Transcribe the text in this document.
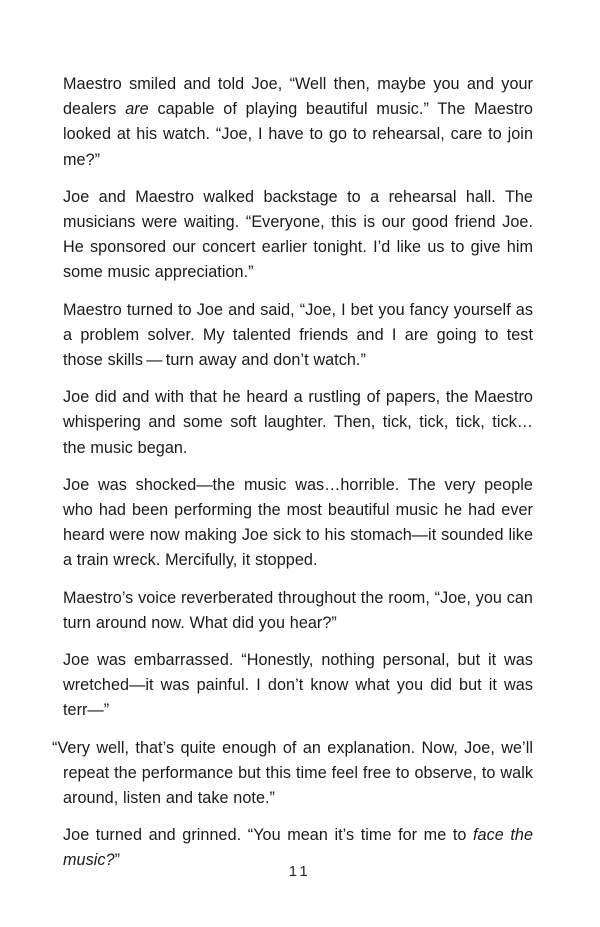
Maestro smiled and told Joe, “Well then, maybe you and your dealers are capable of playing beautiful music.” The Maestro looked at his watch. “Joe, I have to go to rehearsal, care to join me?”

Joe and Maestro walked backstage to a rehearsal hall. The musicians were waiting. “Everyone, this is our good friend Joe. He sponsored our concert earlier tonight. I’d like us to give him some music appreciation.”

Maestro turned to Joe and said, “Joe, I bet you fancy yourself as a problem solver. My talented friends and I are going to test those skills — turn away and don’t watch.”

Joe did and with that he heard a rustling of papers, the Maestro whispering and some soft laughter. Then, tick, tick, tick, tick… the music began.

Joe was shocked—the music was…horrible. The very people who had been performing the most beautiful music he had ever heard were now making Joe sick to his stomach—it sounded like a train wreck. Mercifully, it stopped.

Maestro’s voice reverberated throughout the room, “Joe, you can turn around now. What did you hear?”

Joe was embarrassed. “Honestly, nothing personal, but it was wretched—it was painful. I don’t know what you did but it was terr—”

“Very well, that’s quite enough of an explanation. Now, Joe, we’ll repeat the performance but this time feel free to observe, to walk around, listen and take note.”

Joe turned and grinned. “You mean it’s time for me to face the music?”

11
